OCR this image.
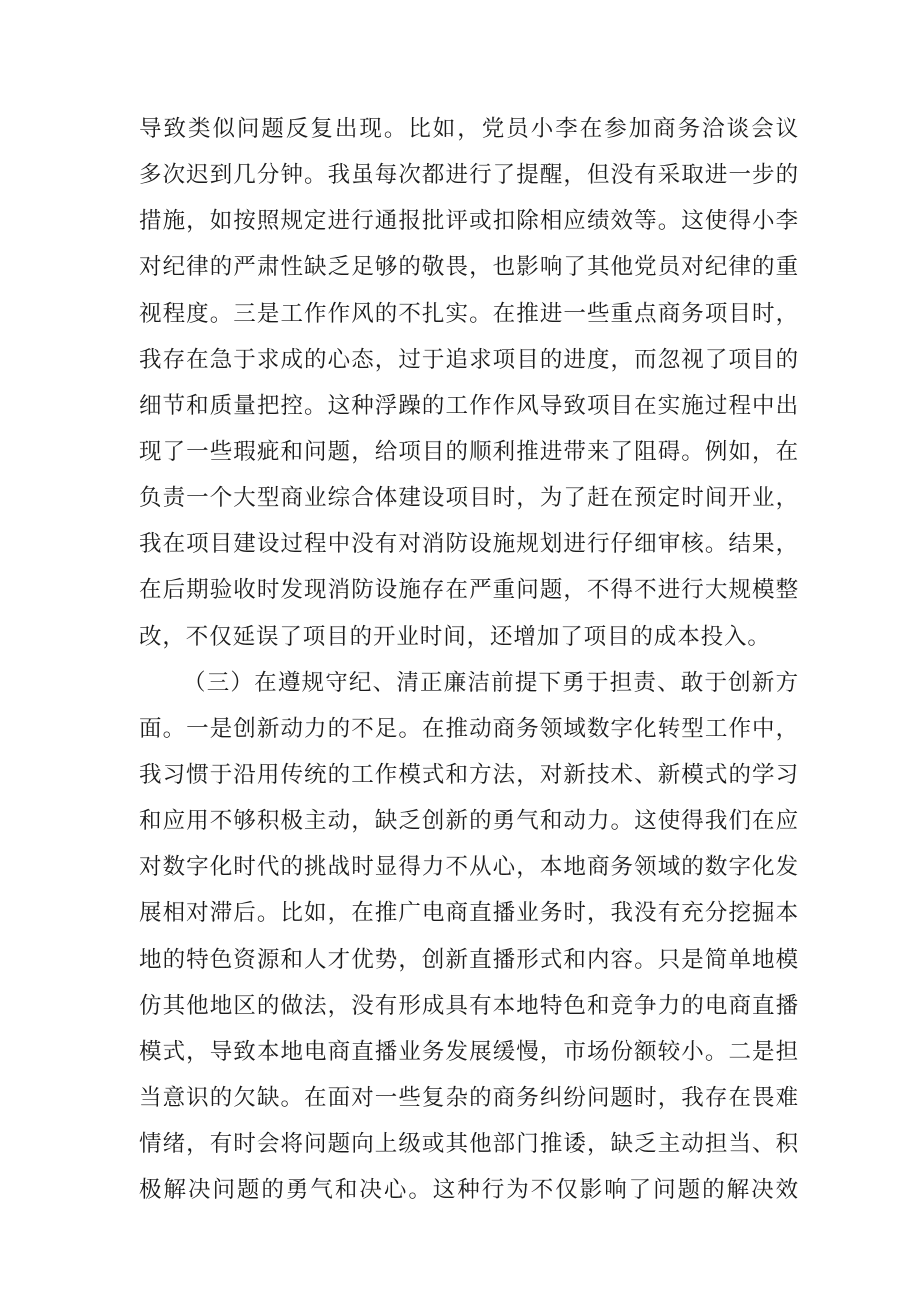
导致类似问题反复出现。比如，党员小李在参加商务洽谈会议
多次迟到几分钟。我虽每次都进行了提醒，但没有采取进一步的
措施，如按照规定进行通报批评或扣除相应绩效等。这使得小李
对纪律的严肃性缺乏足够的敬畏，也影响了其他党员对纪律的重
视程度。三是工作作风的不扎实。在推进一些重点商务项目时，
我存在急于求成的心态，过于追求项目的进度，而忽视了项目的
细节和质量把控。这种浮躁的工作作风导致项目在实施过程中出
现了一些瑕疵和问题，给项目的顺利推进带来了阻碍。例如，在
负责一个大型商业综合体建设项目时，为了赶在预定时间开业，
我在项目建设过程中没有对消防设施规划进行仔细审核。结果，
在后期验收时发现消防设施存在严重问题，不得不进行大规模整
改，不仅延误了项目的开业时间，还增加了项目的成本投入。
（三）在遵规守纪、清正廉洁前提下勇于担责、敢于创新方
面。一是创新动力的不足。在推动商务领域数字化转型工作中，
我习惯于沿用传统的工作模式和方法，对新技术、新模式的学习
和应用不够积极主动，缺乏创新的勇气和动力。这使得我们在应
对数字化时代的挑战时显得力不从心，本地商务领域的数字化发
展相对滞后。比如，在推广电商直播业务时，我没有充分挖掘本
地的特色资源和人才优势，创新直播形式和内容。只是简单地模
仿其他地区的做法，没有形成具有本地特色和竞争力的电商直播
模式，导致本地电商直播业务发展缓慢，市场份额较小。二是担
当意识的欠缺。在面对一些复杂的商务纠纷问题时，我存在畏难
情绪，有时会将问题向上级或其他部门推诿，缺乏主动担当、积
极解决问题的勇气和决心。这种行为不仅影响了问题的解决效
